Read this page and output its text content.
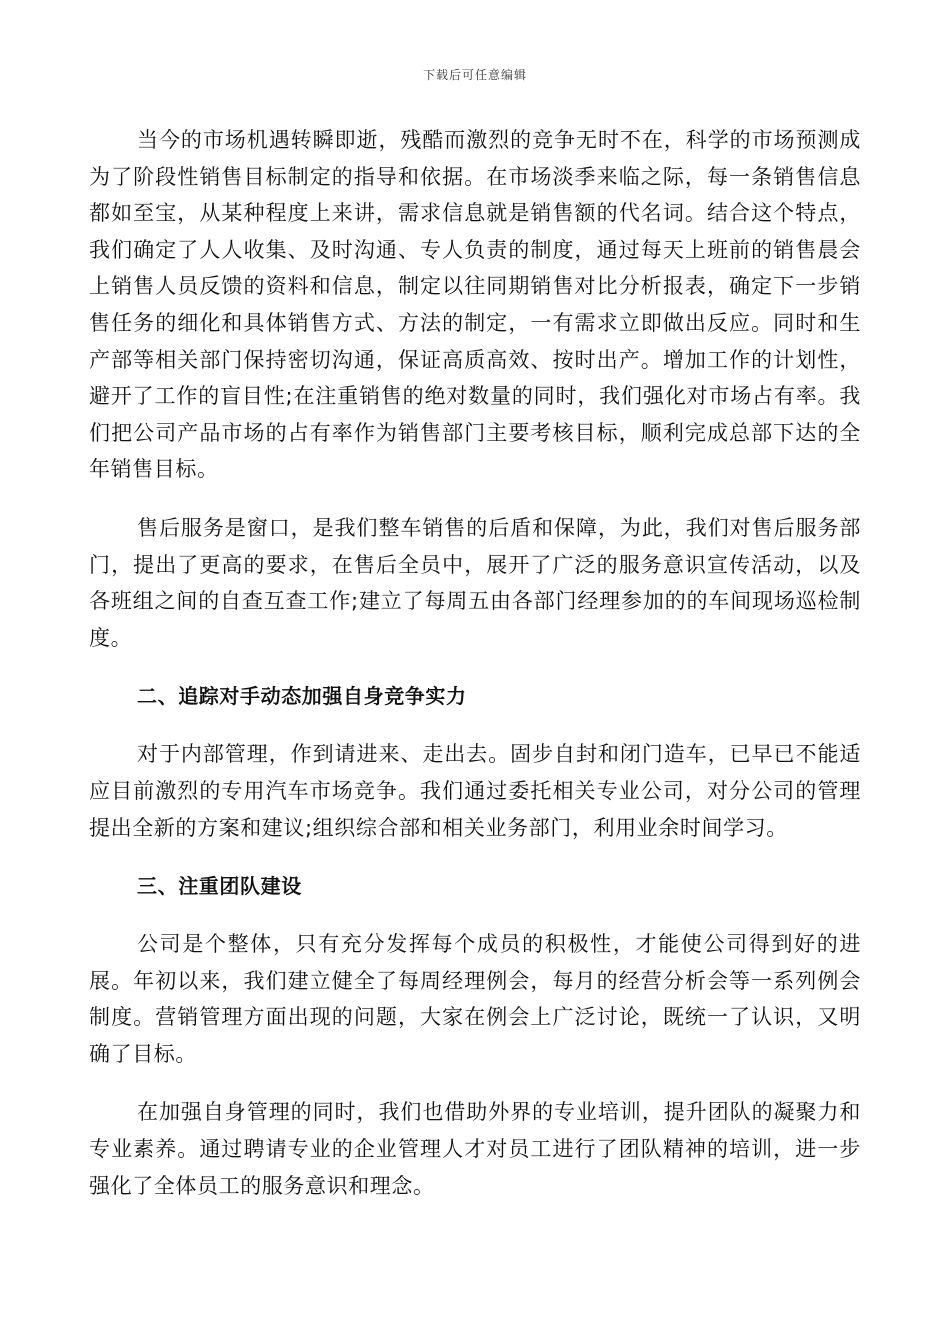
下载后可任意编辑

当今的市场机遇转瞬即逝，残酷而激烈的竞争无时不在，科学的市场预测成为了阶段性销售目标制定的指导和依据。在市场淡季来临之际，每一条销售信息都如至宝，从某种程度上来讲，需求信息就是销售额的代名词。结合这个特点，我们确定了人人收集、及时沟通、专人负责的制度，通过每天上班前的销售晨会上销售人员反馈的资料和信息，制定以往同期销售对比分析报表，确定下一步销售任务的细化和具体销售方式、方法的制定，一有需求立即做出反应。同时和生产部等相关部门保持密切沟通，保证高质高效、按时出产。增加工作的计划性，避开了工作的盲目性;在注重销售的绝对数量的同时，我们强化对市场占有率。我们把公司产品市场的占有率作为销售部门主要考核目标，顺利完成总部下达的全年销售目标。

售后服务是窗口，是我们整车销售的后盾和保障，为此，我们对售后服务部门，提出了更高的要求，在售后全员中，展开了广泛的服务意识宣传活动，以及各班组之间的自查互查工作;建立了每周五由各部门经理参加的的车间现场巡检制度。

二、追踪对手动态加强自身竞争实力

对于内部管理，作到请进来、走出去。固步自封和闭门造车，已早已不能适应目前激烈的专用汽车市场竞争。我们通过委托相关专业公司，对分公司的管理提出全新的方案和建议;组织综合部和相关业务部门，利用业余时间学习。

三、注重团队建设

公司是个整体，只有充分发挥每个成员的积极性，才能使公司得到好的进展。年初以来，我们建立健全了每周经理例会，每月的经营分析会等一系列例会制度。营销管理方面出现的问题，大家在例会上广泛讨论，既统一了认识，又明确了目标。

在加强自身管理的同时，我们也借助外界的专业培训，提升团队的凝聚力和专业素养。通过聘请专业的企业管理人才对员工进行了团队精神的培训，进一步强化了全体员工的服务意识和理念。
